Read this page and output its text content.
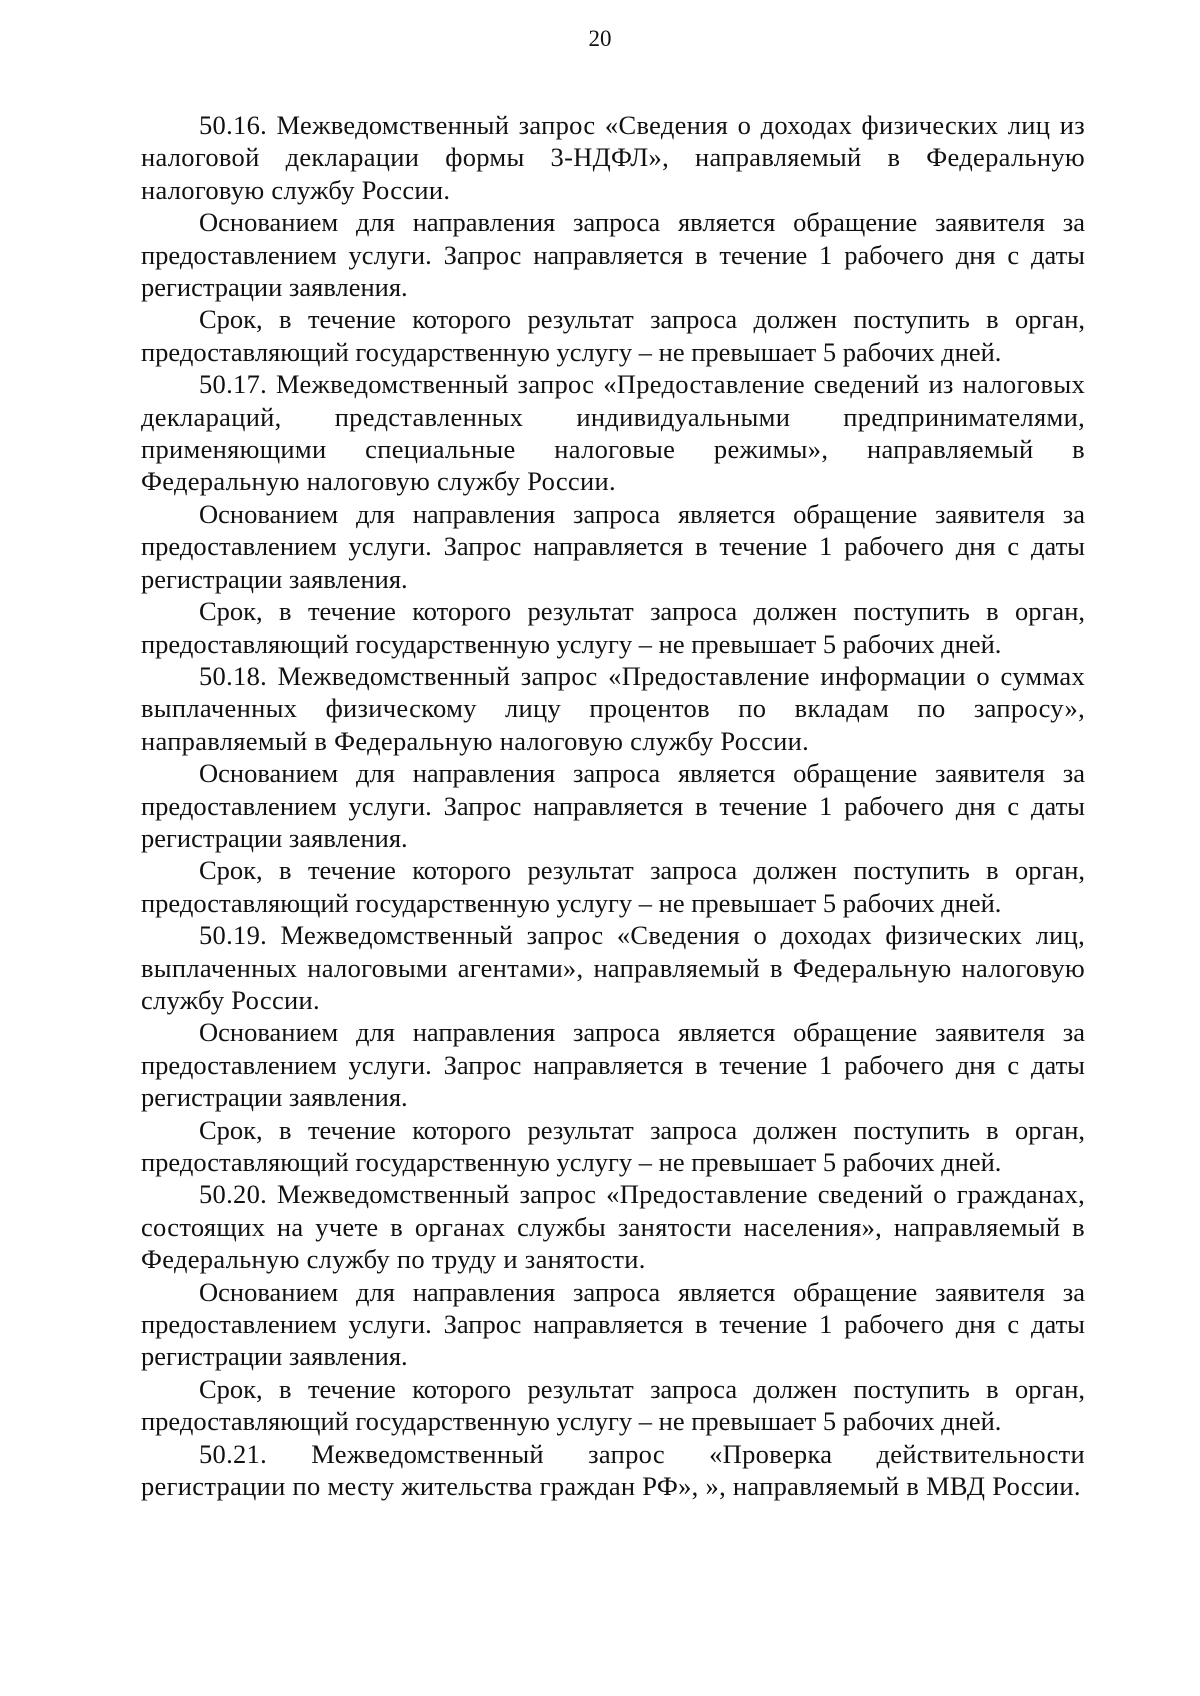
20

50.16. Межведомственный запрос «Сведения о доходах физических лиц из налоговой декларации формы 3-НДФЛ», направляемый в Федеральную налоговую службу России.

Основанием для направления запроса является обращение заявителя за предоставлением услуги. Запрос направляется в течение 1 рабочего дня с даты регистрации заявления.

Срок, в течение которого результат запроса должен поступить в орган, предоставляющий государственную услугу – не превышает 5 рабочих дней.

50.17. Межведомственный запрос «Предоставление сведений из налоговых деклараций, представленных индивидуальными предпринимателями, применяющими специальные налоговые режимы», направляемый в Федеральную налоговую службу России.

Основанием для направления запроса является обращение заявителя за предоставлением услуги. Запрос направляется в течение 1 рабочего дня с даты регистрации заявления.

Срок, в течение которого результат запроса должен поступить в орган, предоставляющий государственную услугу – не превышает 5 рабочих дней.

50.18. Межведомственный запрос «Предоставление информации о суммах выплаченных физическому лицу процентов по вкладам по запросу», направляемый в Федеральную налоговую службу России.

Основанием для направления запроса является обращение заявителя за предоставлением услуги. Запрос направляется в течение 1 рабочего дня с даты регистрации заявления.

Срок, в течение которого результат запроса должен поступить в орган, предоставляющий государственную услугу – не превышает 5 рабочих дней.

50.19. Межведомственный запрос «Сведения о доходах физических лиц, выплаченных налоговыми агентами», направляемый в Федеральную налоговую службу России.

Основанием для направления запроса является обращение заявителя за предоставлением услуги. Запрос направляется в течение 1 рабочего дня с даты регистрации заявления.

Срок, в течение которого результат запроса должен поступить в орган, предоставляющий государственную услугу – не превышает 5 рабочих дней.

50.20. Межведомственный запрос «Предоставление сведений о гражданах, состоящих на учете в органах службы занятости населения», направляемый в Федеральную службу по труду и занятости.

Основанием для направления запроса является обращение заявителя за предоставлением услуги. Запрос направляется в течение 1 рабочего дня с даты регистрации заявления.

Срок, в течение которого результат запроса должен поступить в орган, предоставляющий государственную услугу – не превышает 5 рабочих дней.

50.21. Межведомственный запрос «Проверка действительности регистрации по месту жительства граждан РФ», », направляемый в МВД России.
